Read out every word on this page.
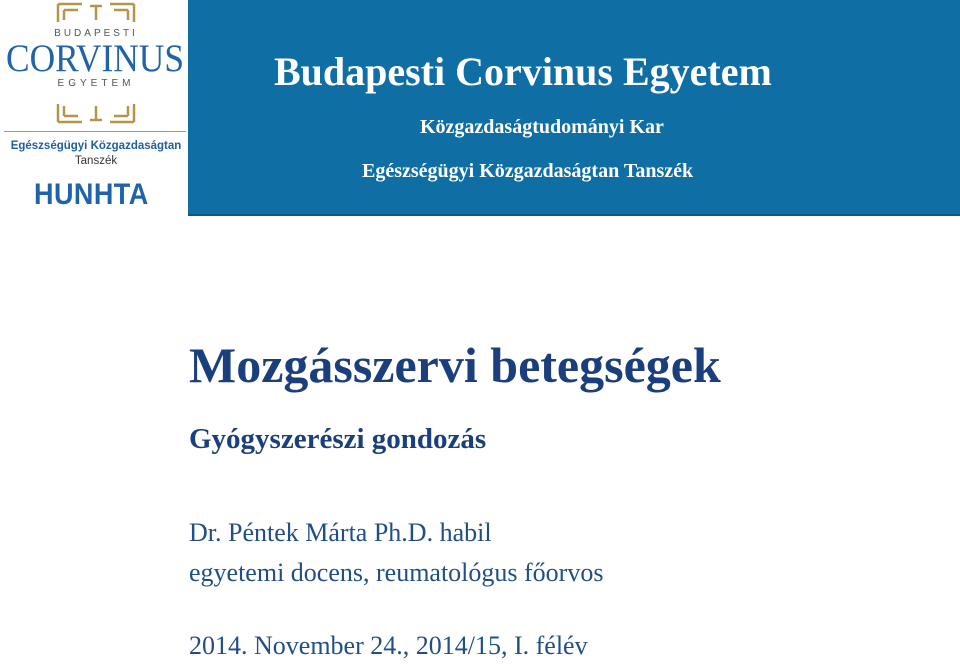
BUDAPESTI
CORVINUS
EGYETEM
Egészségügyi Közgazdaságtan
Tanszék
HUNHTA
Budapesti Corvinus Egyetem
Közgazdaságtudományi Kar
Egészségügyi Közgazdaságtan Tanszék
Mozgásszervi betegségek
Gyógyszerészi gondozás
Dr. Péntek Márta Ph.D. habil
egyetemi docens, reumatológus főorvos
2014. November 24., 2014/15, I. félév
